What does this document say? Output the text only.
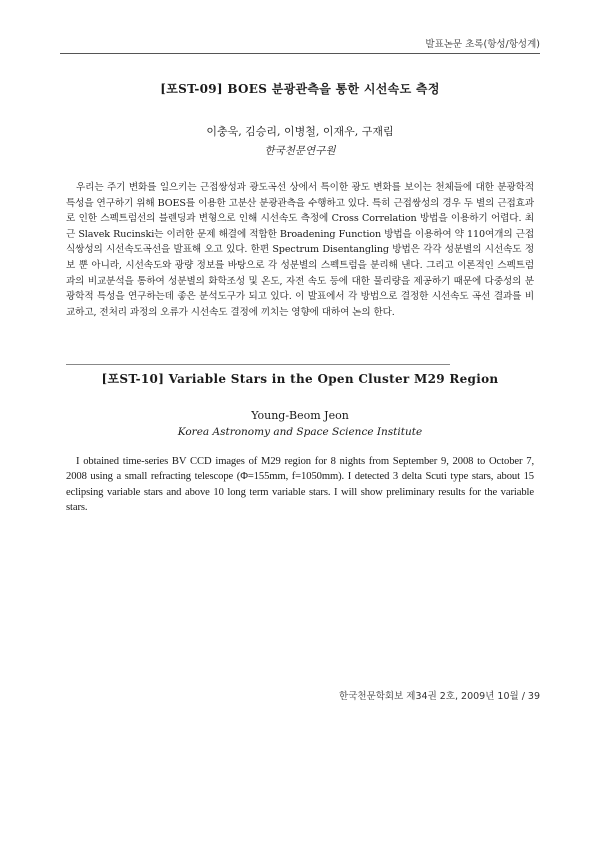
발표논문 초록(항성/항성계)
[포ST-09] BOES 분광관측을 통한 시선속도 측정
이충욱, 김승리, 이병철, 이재우, 구재림
한국천문연구원

우리는 주기 변화를 일으키는 근접쌍성과 광도곡선 상에서 특이한 광도 변화를 보이는 천체들에 대한 분광학적 특성을 연구하기 위해 BOES를 이용한 고분산 분광관측을 수행하고 있다. 특히 근접쌍성의 경우 두 별의 근접효과로 인한 스펙트럼선의 블렌딩과 변형으로 인해 시선속도 측정에 Cross Correlation 방법을 이용하기 어렵다. 최근 Slavek Rucinski는 이러한 문제 해결에 적합한 Broadening Function 방법을 이용하여 약 110여개의 근접 식쌍성의 시선속도곡선을 발표해 오고 있다. 한편 Spectrum Disentangling 방법은 각각 성분별의 시선속도 정보 뿐 아니라, 시선속도와 광량 정보를 바탕으로 각 성분별의 스펙트럼을 분리해 낸다. 그리고 이론적인 스펙트럼과의 비교분석을 통하여 성분별의 화학조성 및 온도, 자전 속도 등에 대한 물리량을 제공하기 때문에 다중성의 분광학적 특성을 연구하는데 좋은 분석도구가 되고 있다. 이 발표에서 각 방법으로 결정한 시선속도 곡선 결과를 비교하고, 전처리 과정의 오류가 시선속도 결정에 끼치는 영향에 대하여 논의 한다.

[포ST-10] Variable Stars in the Open Cluster M29 Region
Young-Beom Jeon
Korea Astronomy and Space Science Institute

I obtained time-series BV CCD images of M29 region for 8 nights from September 9, 2008 to October 7, 2008 using a small refracting telescope (Φ=155mm, f=1050mm). I detected 3 delta Scuti type stars, about 15 eclipsing variable stars and above 10 long term variable stars. I will show preliminary results for the variable stars.

한국천문학회보 제34권 2호, 2009년 10월 / 39
